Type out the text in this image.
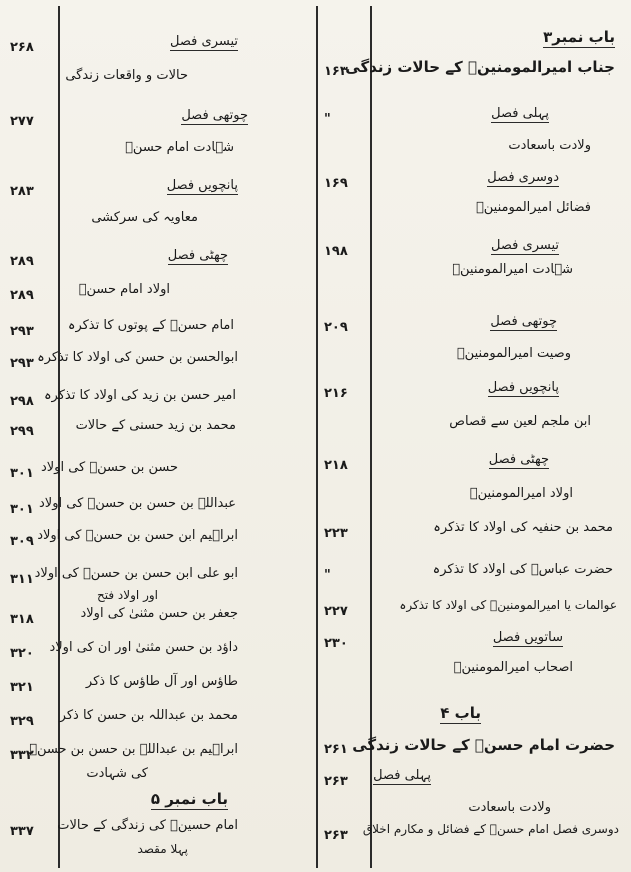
باب نمبر۳
جناب امیرالمومنینؑ کے حالات زندگی
۱۶۳
پہلی فصل
"
ولادت باسعادت
دوسری فصل
۱۶۹
فضائل امیرالمومنینؑ
تیسری فصل
۱۹۸
شہادت امیرالمومنینؑ
چوتھی فصل
۲۰۹
وصیت امیرالمومنینؑ
پانچویں فصل
۲۱۶
ابن ملجم لعین سے قصاص
چھٹی فصل
۲۱۸
اولاد امیرالمومنینؑ
محمد بن حنفیہ کی اولاد کا تذکرہ
۲۲۳
حضرت عباسؑ کی اولاد کا تذکرہ
"
عوالمات یا امیرالمومنینؑ کی اولاد کا تذکرہ
۲۲۷
ساتویں فصل
۲۳۰
اصحاب امیرالمومنینؑ
باب ۴
حضرت امام حسنؑ کے حالات زندگی
۲۶۱
پہلی فصل
۲۶۳
ولادت باسعادت
دوسری فصل امام حسنؑ کے فضائل و مکارم اخلاق
۲۶۳
تیسری فصل
۲۶۸
حالات و واقعات زندگی
چوتھی فصل
۲۷۷
شہادت امام حسنؑ
پانچویں فصل
۲۸۳
معاویہ کی سرکشی
چھٹی فصل
۲۸۹
اولاد امام حسنؑ
۲۸۹
امام حسنؑ کے پوتوں کا تذکرہ
۲۹۳
ابوالحسن بن حسن کی اولاد کا تذکرہ
۲۹۳
امیر حسن بن زید کی اولاد کا تذکرہ
۲۹۸
محمد بن زید حسنی کے حالات
۲۹۹
حسن بن حسنؑ کی اولاد
۳۰۱
عبداللہ بن حسن بن حسنؑ کی اولاد
۳۰۱
ابراہیم ابن حسن بن حسنؑ کی اولاد
۳۰۹
ابو علی ابن حسن بن حسنؑ کی اولاد
۳۱۱
اور اولاد فتح
جعفر بن حسن مثنیٰ کی اولاد
۳۱۸
داؤد بن حسن مثنیٰ اور ان کی اولاد
۳۲۰
طاؤس اور آل طاؤس کا ذکر
۳۲۱
محمد بن عبداللہ بن حسن کا ذکر
۳۲۹
ابراہیم بن عبداللہ بن حسن بن حسنؑ
۳۳۲
کی شہادت
باب نمبر ۵
امام حسینؑ کی زندگی کے حالات
۳۳۷
پہلا مقصد
